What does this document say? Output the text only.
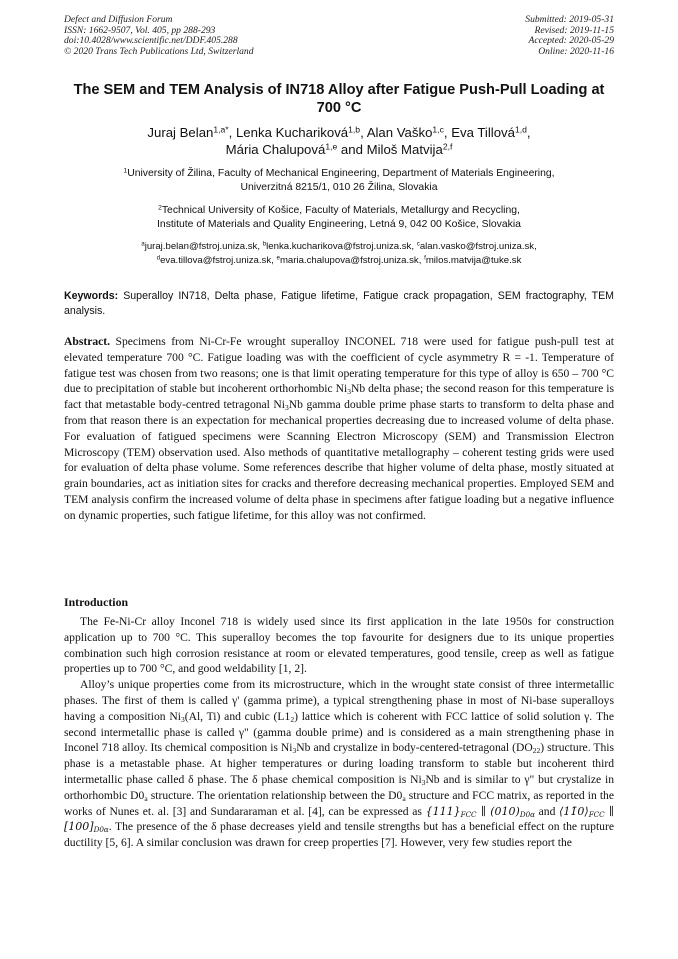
Defect and Diffusion Forum
ISSN: 1662-9507, Vol. 405, pp 288-293
doi:10.4028/www.scientific.net/DDF.405.288
© 2020 Trans Tech Publications Ltd, Switzerland
Submitted: 2019-05-31
Revised: 2019-11-15
Accepted: 2020-05-29
Online: 2020-11-16
The SEM and TEM Analysis of IN718 Alloy after Fatigue Push-Pull Loading at 700 °C
Juraj Belan$^{1,a*}$, Lenka Kuchariková$^{1,b}$, Alan Vaško$^{1,c}$, Eva Tillová$^{1,d}$,
Mária Chalupová$^{1,e}$ and Miloš Matvija$^{2,f}$
$^1$University of Žilina, Faculty of Mechanical Engineering, Department of Materials Engineering,
Univerzitná 8215/1, 010 26 Žilina, Slovakia
$^2$Technical University of Košice, Faculty of Materials, Metallurgy and Recycling,
Institute of Materials and Quality Engineering, Letná 9, 042 00 Košice, Slovakia
$^a$juraj.belan@fstroj.uniza.sk, $^b$lenka.kucharikova@fstroj.uniza.sk, $^c$alan.vasko@fstroj.uniza.sk,
$^d$eva.tillova@fstroj.uniza.sk, $^e$maria.chalupova@fstroj.uniza.sk, $^f$milos.matvija@tuke.sk
Keywords: Superalloy IN718, Delta phase, Fatigue lifetime, Fatigue crack propagation, SEM fractography, TEM analysis.
Abstract. Specimens from Ni-Cr-Fe wrought superalloy INCONEL 718 were used for fatigue push-pull test at elevated temperature 700 °C. Fatigue loading was with the coefficient of cycle asymmetry R = -1. Temperature of fatigue test was chosen from two reasons; one is that limit operating temperature for this type of alloy is 650 – 700 °C due to precipitation of stable but incoherent orthorhombic $Ni_3Nb$ delta phase; the second reason for this temperature is fact that metastable body-centred tetragonal $Ni_3Nb$ gamma double prime phase starts to transform to delta phase and from that reason there is an expectation for mechanical properties decreasing due to increased volume of delta phase. For evaluation of fatigued specimens were Scanning Electron Microscopy (SEM) and Transmission Electron Microscopy (TEM) observation used. Also methods of quantitative metallography – coherent testing grids were used for evaluation of delta phase volume. Some references describe that higher volume of delta phase, mostly situated at grain boundaries, act as initiation sites for cracks and therefore decreasing mechanical properties. Employed SEM and TEM analysis confirm the increased volume of delta phase in specimens after fatigue loading but a negative influence on dynamic properties, such fatigue lifetime, for this alloy was not confirmed.
Introduction

The Fe-Ni-Cr alloy Inconel 718 is widely used since its first application in the late 1950s for construction application up to 700 °C. This superalloy becomes the top favourite for designers due to its unique properties combination such high corrosion resistance at room or elevated temperatures, good tensile, creep as well as fatigue properties up to 700 °C, and good weldability [1, 2].

Alloy’s unique properties come from its microstructure, which in the wrought state consist of three intermetallic phases. The first of them is called γ' (gamma prime), a typical strengthening phase in most of Ni-base superalloys having a composition $Ni_3(Al$, Ti) and cubic $(L1_2)$ lattice which is coherent with FCC lattice of solid solution γ. The second intermetallic phase is called γ" (gamma double prime) and is considered as a main strengthening phase in Inconel 718 alloy. Its chemical composition is $Ni_3Nb$ and crystalize in body-centered-tetragonal $(DO_{22})$ structure. This phase is a metastable phase. At higher temperatures or during loading transform to stable but incoherent third intermetallic phase called δ phase. The δ phase chemical composition is $Ni_3Nb$ and is similar to γ" but crystalize in orthorhombic $D0_a$ structure. The orientation relationship between the $D0_a$ structure and FCC matrix, as reported in the works of Nunes et. al. [3] and Sundararaman et al. [4], can be expressed as $\{111\}_{FCC}$ ∥ $(010)_{D0\alpha}$ and $⟨11̄0⟩_{FCC}$ ∥ $[100]_{D0\alpha}$. The presence of the δ phase decreases yield and tensile strengths but has a beneficial effect on the rupture ductility [5, 6]. A similar conclusion was drawn for creep properties [7]. However, very few studies report the
